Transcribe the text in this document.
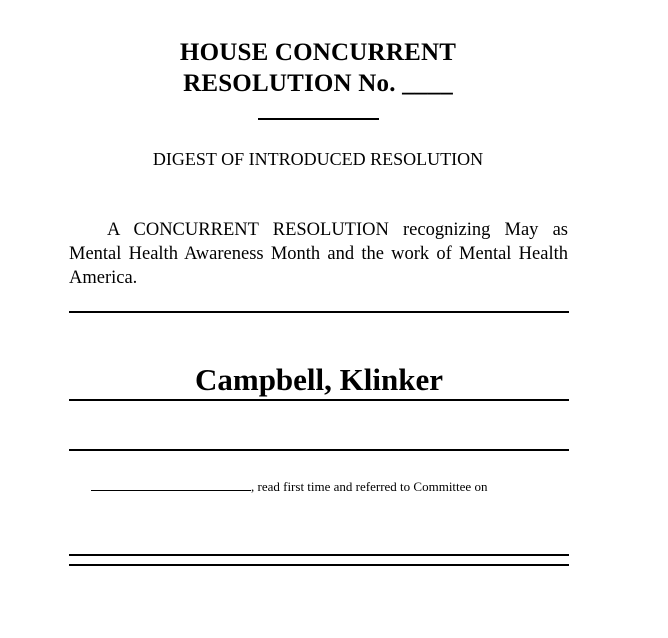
HOUSE CONCURRENT
RESOLUTION No. ____
DIGEST OF INTRODUCED RESOLUTION
A CONCURRENT RESOLUTION recognizing May as Mental Health Awareness Month and the work of Mental Health America.
Campbell, Klinker
, read first time and referred to Committee on
